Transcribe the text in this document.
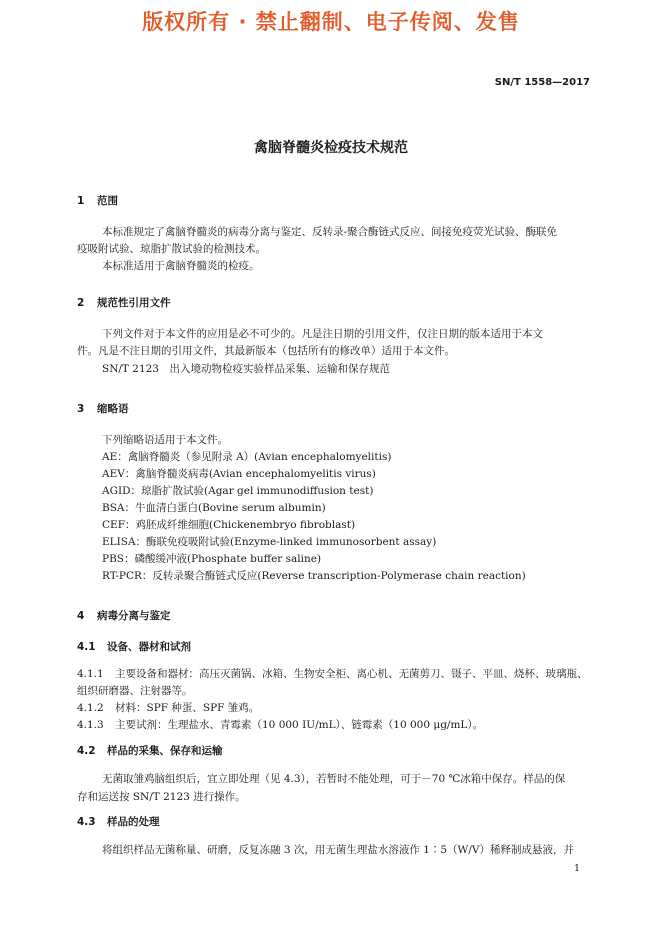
版权所有 · 禁止翻制、电子传阅、发售
SN/T 1558—2017
禽脑脊髓炎检疫技术规范
1 范围
本标准规定了禽脑脊髓炎的病毒分离与鉴定、反转录-聚合酶链式反应、间接免疫荧光试验、酶联免
疫吸附试验、琼脂扩散试验的检测技术。
本标准适用于禽脑脊髓炎的检疫。
2 规范性引用文件
下列文件对于本文件的应用是必不可少的。凡是注日期的引用文件，仅注日期的版本适用于本文
件。凡是不注日期的引用文件，其最新版本（包括所有的修改单）适用于本文件。
SN/T 2123　出入境动物检疫实验样品采集、运输和保存规范
3 缩略语
下列缩略语适用于本文件。
AE：禽脑脊髓炎（参见附录 A）(Avian encephalomyelitis)
AEV：禽脑脊髓炎病毒(Avian encephalomyelitis virus)
AGID：琼脂扩散试验(Agar gel immunodiffusion test)
BSA：牛血清白蛋白(Bovine serum albumin)
CEF：鸡胚成纤维细胞(Chickenembryo fibroblast)
ELISA：酶联免疫吸附试验(Enzyme-linked immunosorbent assay)
PBS：磷酸缓冲液(Phosphate buffer saline)
RT-PCR：反转录聚合酶链式反应(Reverse transcription-Polymerase chain reaction)
4 病毒分离与鉴定
4.1 设备、器材和试剂
4.1.1 主要设备和器材：高压灭菌锅、冰箱、生物安全柜、离心机、无菌剪刀、镊子、平皿、烧杯、玻璃瓶、
组织研磨器、注射器等。
4.1.2 材料：SPF 种蛋、SPF 雏鸡。
4.1.3 主要试剂：生理盐水、青霉素（10 000 IU/mL）、链霉素（10 000 μg/mL）。
4.2 样品的采集、保存和运输
无菌取雏鸡脑组织后，宜立即处理（见 4.3），若暂时不能处理，可于－70 ℃冰箱中保存。样品的保
存和运送按 SN/T 2123 进行操作。
4.3 样品的处理
将组织样品无菌称量、研磨，反复冻融 3 次，用无菌生理盐水溶液作 1∶5（W/V）稀释制成悬液，并
1
